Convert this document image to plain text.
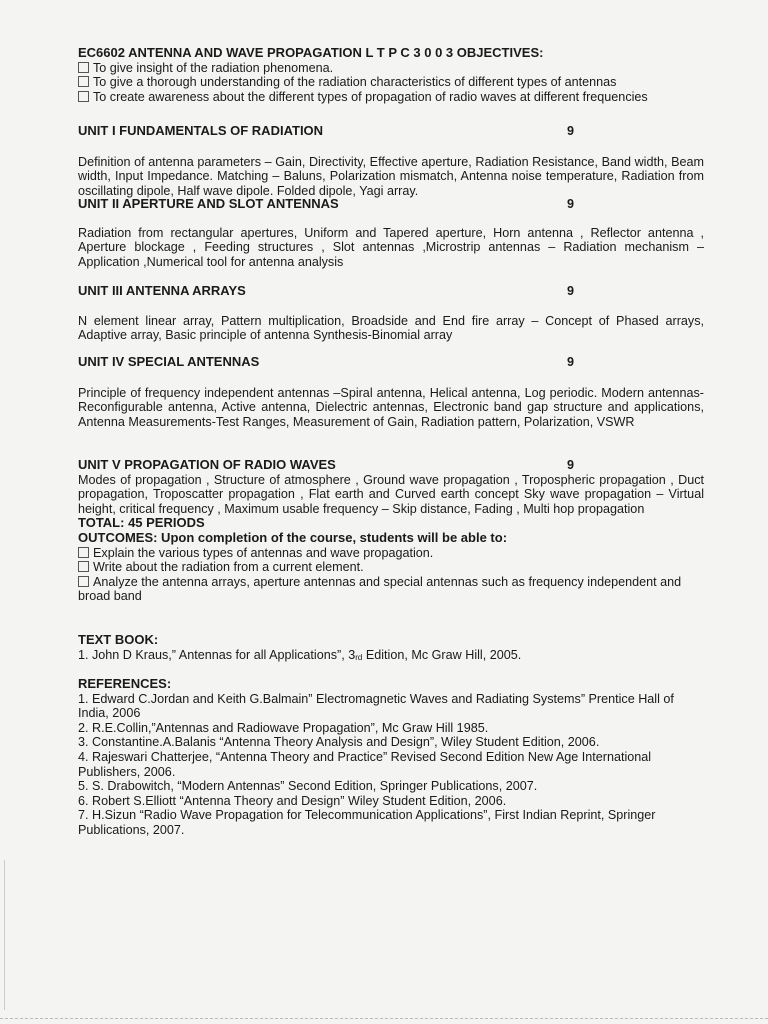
EC6602 ANTENNA AND WAVE PROPAGATION L T P C 3 0 0 3 OBJECTIVES:
To give insight of the radiation phenomena.
To give a thorough understanding of the radiation characteristics of different types of antennas
To create awareness about the different types of propagation of radio waves at different frequencies
UNIT I FUNDAMENTALS OF RADIATION	9
Definition of antenna parameters – Gain, Directivity, Effective aperture, Radiation Resistance, Band width, Beam width, Input Impedance. Matching – Baluns, Polarization mismatch, Antenna noise temperature, Radiation from oscillating dipole, Half wave dipole. Folded dipole, Yagi array.
UNIT II APERTURE AND SLOT ANTENNAS	9
Radiation from rectangular apertures, Uniform and Tapered aperture, Horn antenna , Reflector antenna , Aperture blockage , Feeding structures , Slot antennas ,Microstrip antennas – Radiation mechanism – Application ,Numerical tool for antenna analysis
UNIT III ANTENNA ARRAYS	9
N element linear array, Pattern multiplication, Broadside and End fire array – Concept of Phased arrays, Adaptive array, Basic principle of antenna Synthesis-Binomial array
UNIT IV SPECIAL ANTENNAS	9
Principle of frequency independent antennas –Spiral antenna, Helical antenna, Log periodic. Modern antennas- Reconfigurable antenna, Active antenna, Dielectric antennas, Electronic band gap structure and applications, Antenna Measurements-Test Ranges, Measurement of Gain, Radiation pattern, Polarization, VSWR
UNIT V PROPAGATION OF RADIO WAVES	9
Modes of propagation , Structure of atmosphere , Ground wave propagation , Tropospheric propagation , Duct propagation, Troposcatter propagation , Flat earth and Curved earth concept Sky wave propagation – Virtual height, critical frequency , Maximum usable frequency – Skip distance, Fading , Multi hop propagation
TOTAL: 45 PERIODS
OUTCOMES: Upon completion of the course, students will be able to:
Explain the various types of antennas and wave propagation.
Write about the radiation from a current element.
Analyze the antenna arrays, aperture antennas and special antennas such as frequency independent and broad band
TEXT BOOK:
1. John D Kraus,” Antennas for all Applications”, $3_{rd}$ Edition, Mc Graw Hill, 2005.
REFERENCES:
1. Edward C.Jordan and Keith G.Balmain” Electromagnetic Waves and Radiating Systems” Prentice Hall of India, 2006
2. R.E.Collin,”Antennas and Radiowave Propagation”, Mc Graw Hill 1985.
3. Constantine.A.Balanis “Antenna Theory Analysis and Design”, Wiley Student Edition, 2006.
4. Rajeswari Chatterjee, “Antenna Theory and Practice” Revised Second Edition New Age International Publishers, 2006.
5. S. Drabowitch, “Modern Antennas” Second Edition, Springer Publications, 2007.
6. Robert S.Elliott “Antenna Theory and Design” Wiley Student Edition, 2006.
7. H.Sizun “Radio Wave Propagation for Telecommunication Applications”, First Indian Reprint, Springer Publications, 2007.
